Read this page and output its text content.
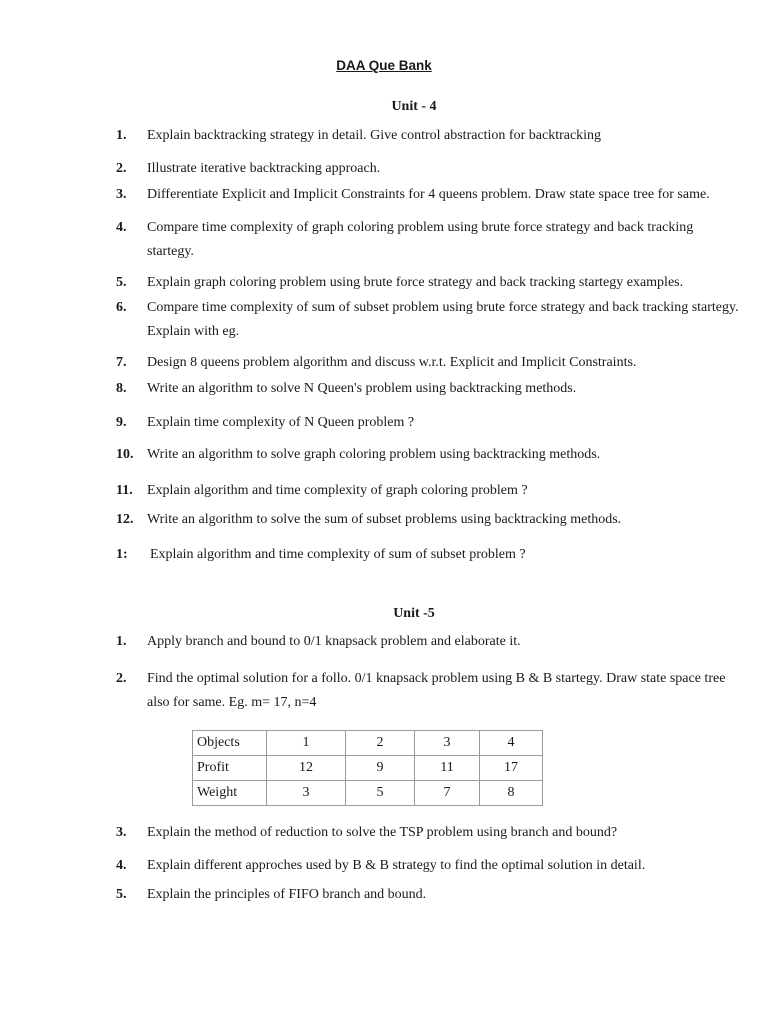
DAA Que Bank
Unit - 4
1. Explain backtracking strategy in detail. Give control abstraction for backtracking
2. Illustrate iterative backtracking approach.
3. Differentiate Explicit and Implicit Constraints for 4 queens problem. Draw state space tree for same.
4. Compare time complexity of graph coloring problem using brute force strategy and back tracking startegy.
5. Explain graph coloring problem using brute force strategy and back tracking startegy examples.
6. Compare time complexity of sum of subset problem using brute force strategy and back tracking startegy. Explain with eg.
7. Design 8 queens problem algorithm and discuss w.r.t. Explicit and Implicit Constraints.
8. Write an algorithm to solve N Queen's problem using backtracking methods.
9. Explain time complexity of N Queen problem ?
10. Write an algorithm to solve graph coloring problem using backtracking methods.
11. Explain algorithm and time complexity of graph coloring problem ?
12. Write an algorithm to solve the sum of subset problems using backtracking methods.
1: Explain algorithm and time complexity of sum of subset problem ?
Unit -5
1. Apply branch and bound to 0/1 knapsack problem and elaborate it.
2. Find the optimal solution for a follo. 0/1 knapsack problem using B & B startegy. Draw state space tree also for same. Eg. m= 17, n=4
Objects	1	2	3	4
Profit	12	9	11	17
Weight	3	5	7	8
3. Explain the method of reduction to solve the TSP problem using branch and bound?
4. Explain different approches used by B & B strategy to find the optimal solution in detail.
5. Explain the principles of FIFO branch and bound.
